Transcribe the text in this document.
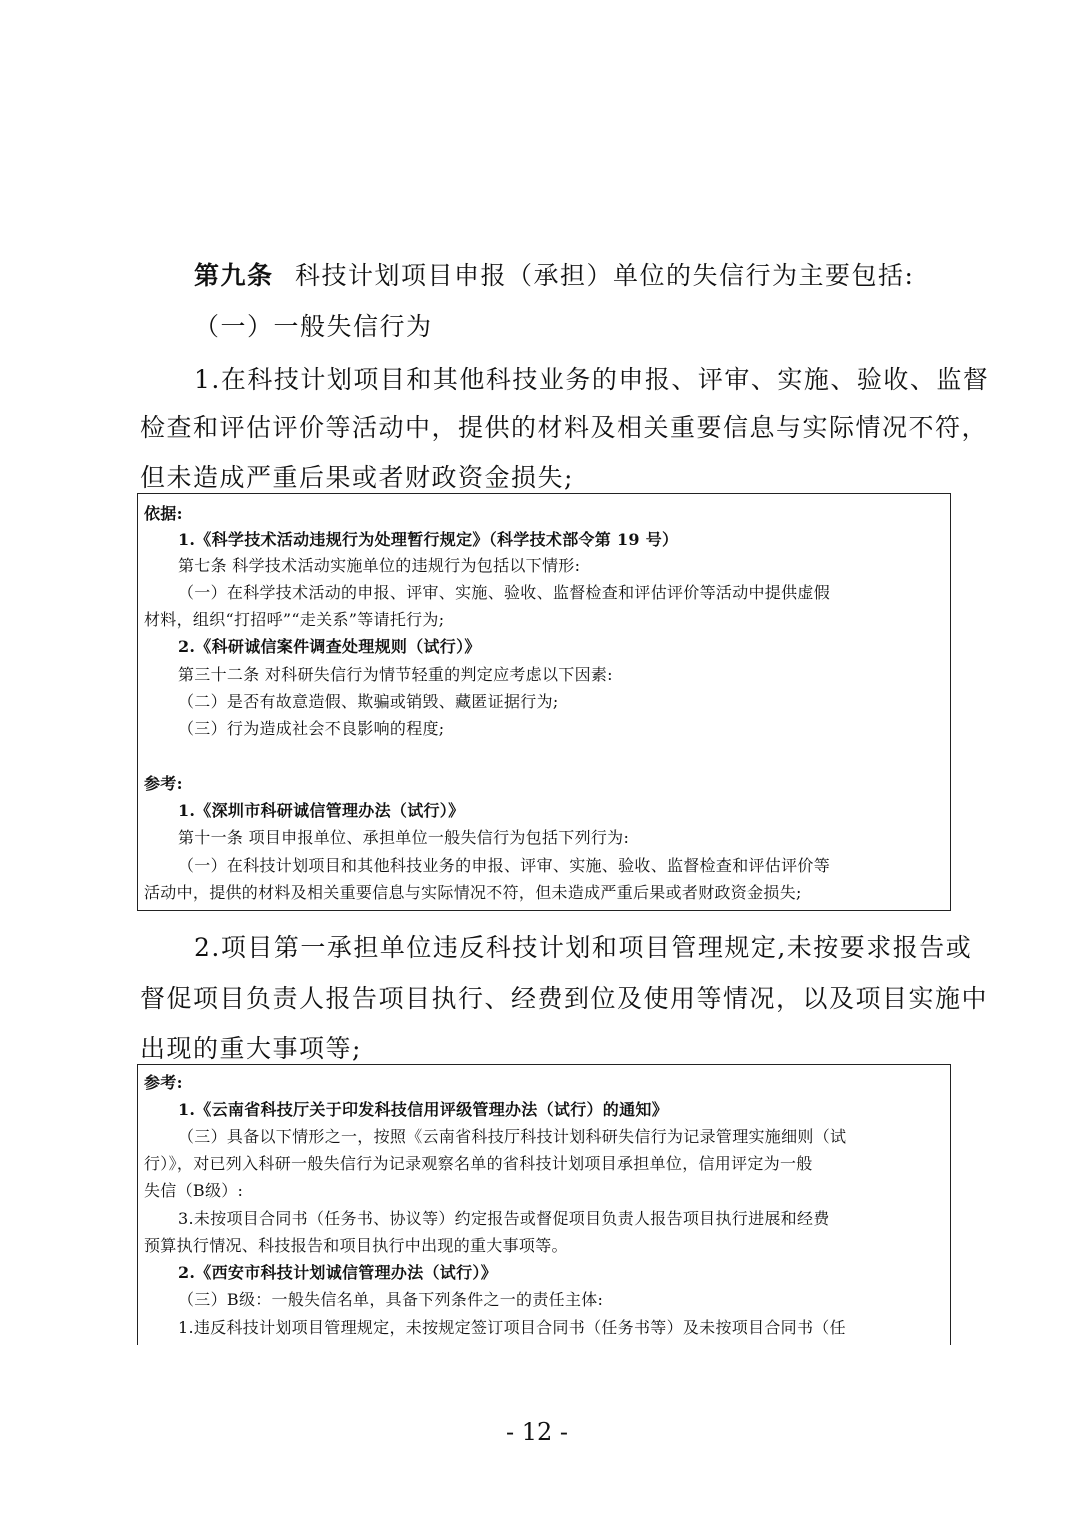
第九条 科技计划项目申报（承担）单位的失信行为主要包括:
（一）一般失信行为
1.在科技计划项目和其他科技业务的申报、评审、实施、验收、监督
检查和评估评价等活动中，提供的材料及相关重要信息与实际情况不符，
但未造成严重后果或者财政资金损失;
依据:
1.《科学技术活动违规行为处理暂行规定》（科学技术部令第 19 号）
第七条 科学技术活动实施单位的违规行为包括以下情形:
（一）在科学技术活动的申报、评审、实施、验收、监督检查和评估评价等活动中提供虚假
材料，组织“打招呼”“走关系”等请托行为;
2.《科研诚信案件调查处理规则（试行）》
第三十二条 对科研失信行为情节轻重的判定应考虑以下因素:
（二）是否有故意造假、欺骗或销毁、藏匿证据行为;
（三）行为造成社会不良影响的程度;
参考:
1.《深圳市科研诚信管理办法（试行）》
第十一条 项目申报单位、承担单位一般失信行为包括下列行为:
（一）在科技计划项目和其他科技业务的申报、评审、实施、验收、监督检查和评估评价等
活动中，提供的材料及相关重要信息与实际情况不符，但未造成严重后果或者财政资金损失;
2.项目第一承担单位违反科技计划和项目管理规定,未按要求报告或
督促项目负责人报告项目执行、经费到位及使用等情况，以及项目实施中
出现的重大事项等;
参考:
1.《云南省科技厅关于印发科技信用评级管理办法（试行）的通知》
（三）具备以下情形之一，按照《云南省科技厅科技计划科研失信行为记录管理实施细则（试
行）》，对已列入科研一般失信行为记录观察名单的省科技计划项目承担单位，信用评定为一般
失信（B级）:
3.未按项目合同书（任务书、协议等）约定报告或督促项目负责人报告项目执行进展和经费
预算执行情况、科技报告和项目执行中出现的重大事项等。
2.《西安市科技计划诚信管理办法（试行）》
（三）B级：一般失信名单，具备下列条件之一的责任主体:
1.违反科技计划项目管理规定，未按规定签订项目合同书（任务书等）及未按项目合同书（任
- 12 -
